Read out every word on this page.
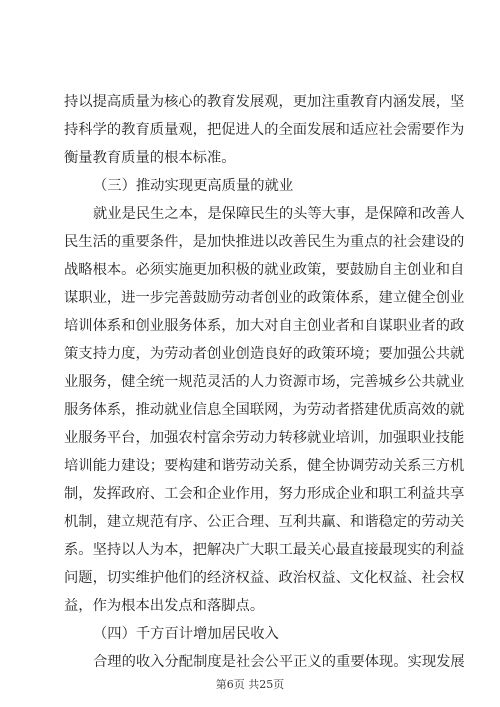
持以提高质量为核心的教育发展观，更加注重教育内涵发展，坚
持科学的教育质量观，把促进人的全面发展和适应社会需要作为
衡量教育质量的根本标准。
（三）推动实现更高质量的就业
就业是民生之本，是保障民生的头等大事，是保障和改善人
民生活的重要条件，是加快推进以改善民生为重点的社会建设的
战略根本。必须实施更加积极的就业政策，要鼓励自主创业和自
谋职业，进一步完善鼓励劳动者创业的政策体系，建立健全创业
培训体系和创业服务体系，加大对自主创业者和自谋职业者的政
策支持力度，为劳动者创业创造良好的政策环境；要加强公共就
业服务，健全统一规范灵活的人力资源市场，完善城乡公共就业
服务体系，推动就业信息全国联网，为劳动者搭建优质高效的就
业服务平台，加强农村富余劳动力转移就业培训，加强职业技能
培训能力建设；要构建和谐劳动关系，健全协调劳动关系三方机
制，发挥政府、工会和企业作用，努力形成企业和职工利益共享
机制，建立规范有序、公正合理、互利共赢、和谐稳定的劳动关
系。坚持以人为本，把解决广大职工最关心最直接最现实的利益
问题，切实维护他们的经济权益、政治权益、文化权益、社会权
益，作为根本出发点和落脚点。
（四）千方百计增加居民收入
合理的收入分配制度是社会公平正义的重要体现。实现发展
第6页 共25页
